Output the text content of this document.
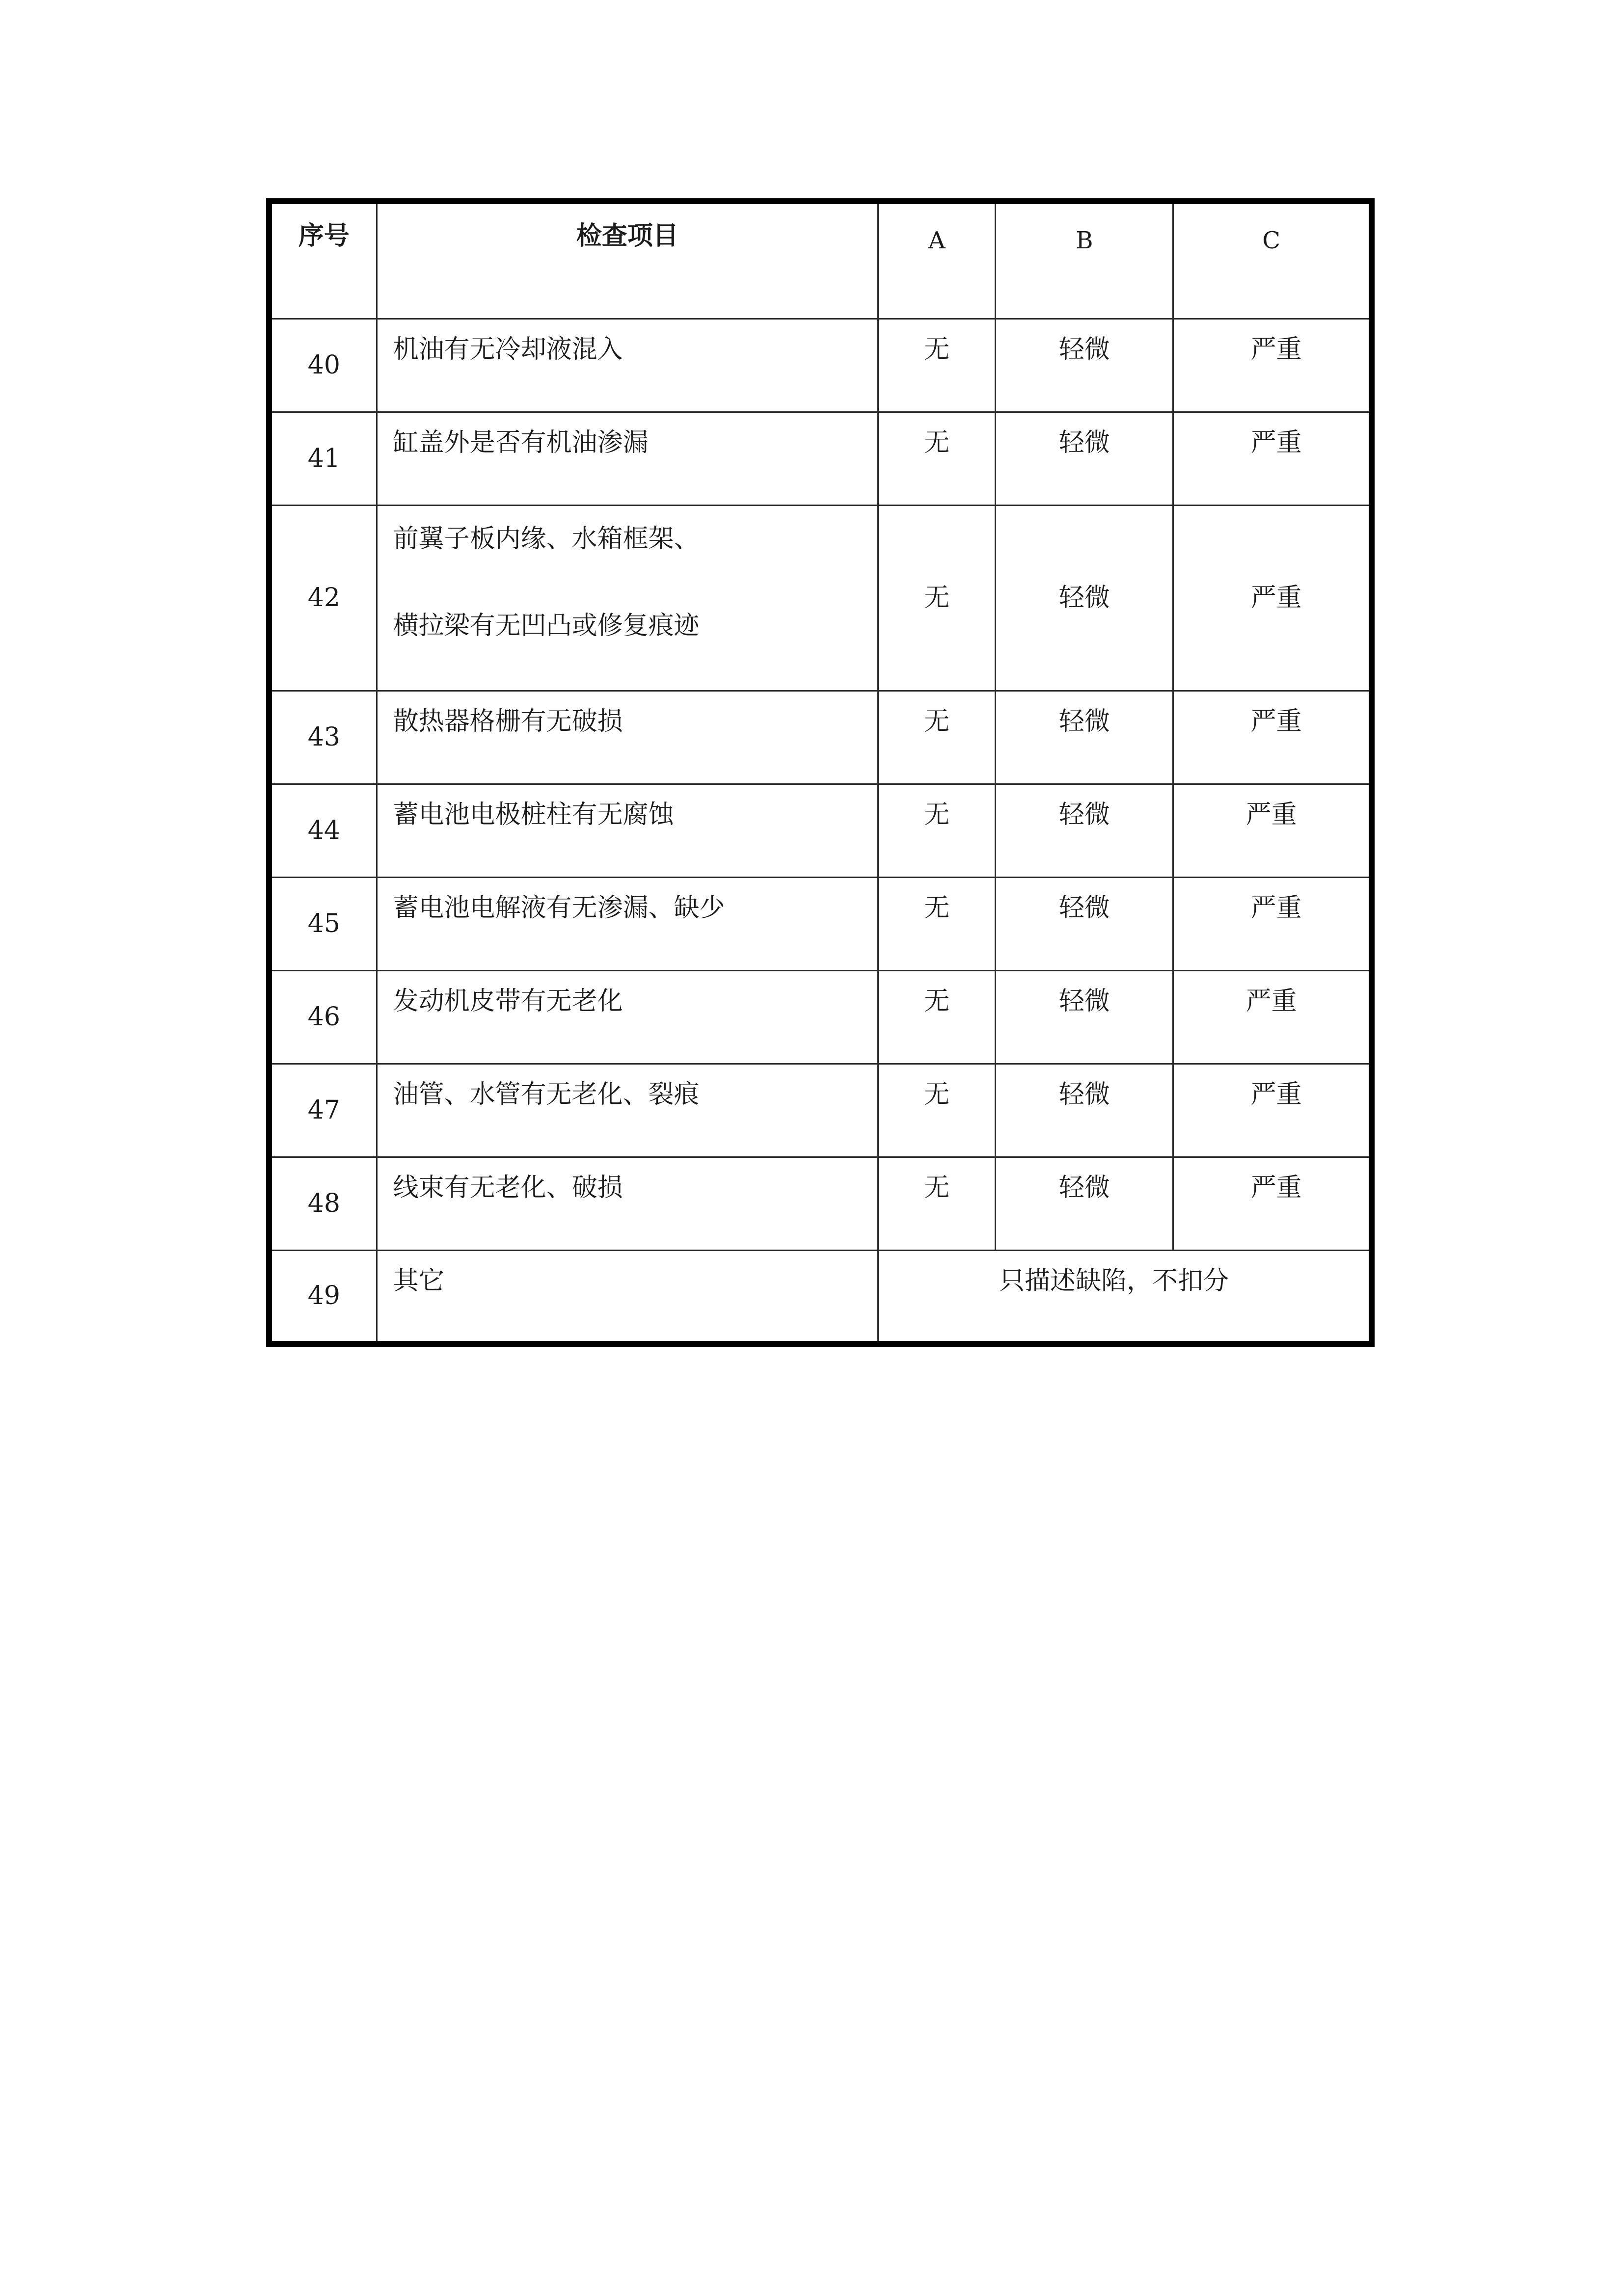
序号	检查项目	A	B	C
40	机油有无冷却液混入	无	轻微	严重
41	缸盖外是否有机油渗漏	无	轻微	严重
42	前翼子板内缘、水箱框架、
横拉梁有无凹凸或修复痕迹	无	轻微	严重
43	散热器格栅有无破损	无	轻微	严重
44	蓄电池电极桩柱有无腐蚀	无	轻微	严重
45	蓄电池电解液有无渗漏、缺少	无	轻微	严重
46	发动机皮带有无老化	无	轻微	严重
47	油管、水管有无老化、裂痕	无	轻微	严重
48	线束有无老化、破损	无	轻微	严重
49	其它	只描述缺陷，不扣分		
